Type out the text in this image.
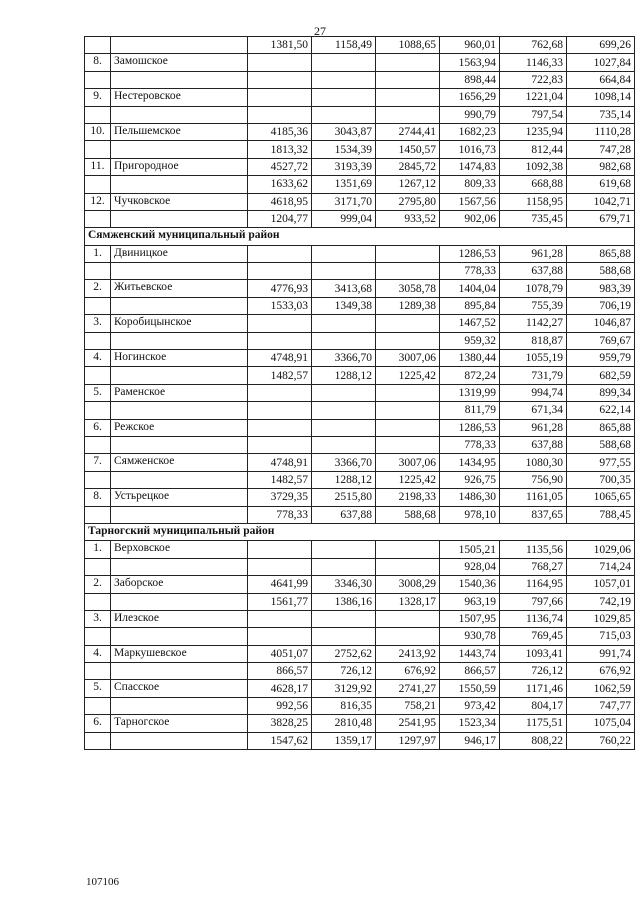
27
		1381,50	1158,49	1088,65	960,01	762,68	699,26
8.	Замошское				1563,94	1146,33	1027,84
					898,44	722,83	664,84
9.	Нестеровское				1656,29	1221,04	1098,14
					990,79	797,54	735,14
10.	Пельшемское	4185,36	3043,87	2744,41	1682,23	1235,94	1110,28
		1813,32	1534,39	1450,57	1016,73	812,44	747,28
11.	Пригородное	4527,72	3193,39	2845,72	1474,83	1092,38	982,68
		1633,62	1351,69	1267,12	809,33	668,88	619,68
12.	Чучковское	4618,95	3171,70	2795,80	1567,56	1158,95	1042,71
		1204,77	999,04	933,52	902,06	735,45	679,71
Сямженский муниципальный район							
1.	Двиницкое				1286,53	961,28	865,88
					778,33	637,88	588,68
2.	Житьевское	4776,93	3413,68	3058,78	1404,04	1078,79	983,39
		1533,03	1349,38	1289,38	895,84	755,39	706,19
3.	Коробицынское				1467,52	1142,27	1046,87
					959,32	818,87	769,67
4.	Ногинское	4748,91	3366,70	3007,06	1380,44	1055,19	959,79
		1482,57	1288,12	1225,42	872,24	731,79	682,59
5.	Раменское				1319,99	994,74	899,34
					811,79	671,34	622,14
6.	Режское				1286,53	961,28	865,88
					778,33	637,88	588,68
7.	Сямженское	4748,91	3366,70	3007,06	1434,95	1080,30	977,55
		1482,57	1288,12	1225,42	926,75	756,90	700,35
8.	Устьрецкое	3729,35	2515,80	2198,33	1486,30	1161,05	1065,65
		778,33	637,88	588,68	978,10	837,65	788,45
Тарногский муниципальный район							
1.	Верховское				1505,21	1135,56	1029,06
					928,04	768,27	714,24
2.	Заборское	4641,99	3346,30	3008,29	1540,36	1164,95	1057,01
		1561,77	1386,16	1328,17	963,19	797,66	742,19
3.	Илезское				1507,95	1136,74	1029,85
					930,78	769,45	715,03
4.	Маркушевское	4051,07	2752,62	2413,92	1443,74	1093,41	991,74
		866,57	726,12	676,92	866,57	726,12	676,92
5.	Спасское	4628,17	3129,92	2741,27	1550,59	1171,46	1062,59
		992,56	816,35	758,21	973,42	804,17	747,77
6.	Тарногское	3828,25	2810,48	2541,95	1523,34	1175,51	1075,04
		1547,62	1359,17	1297,97	946,17	808,22	760,22
107106
